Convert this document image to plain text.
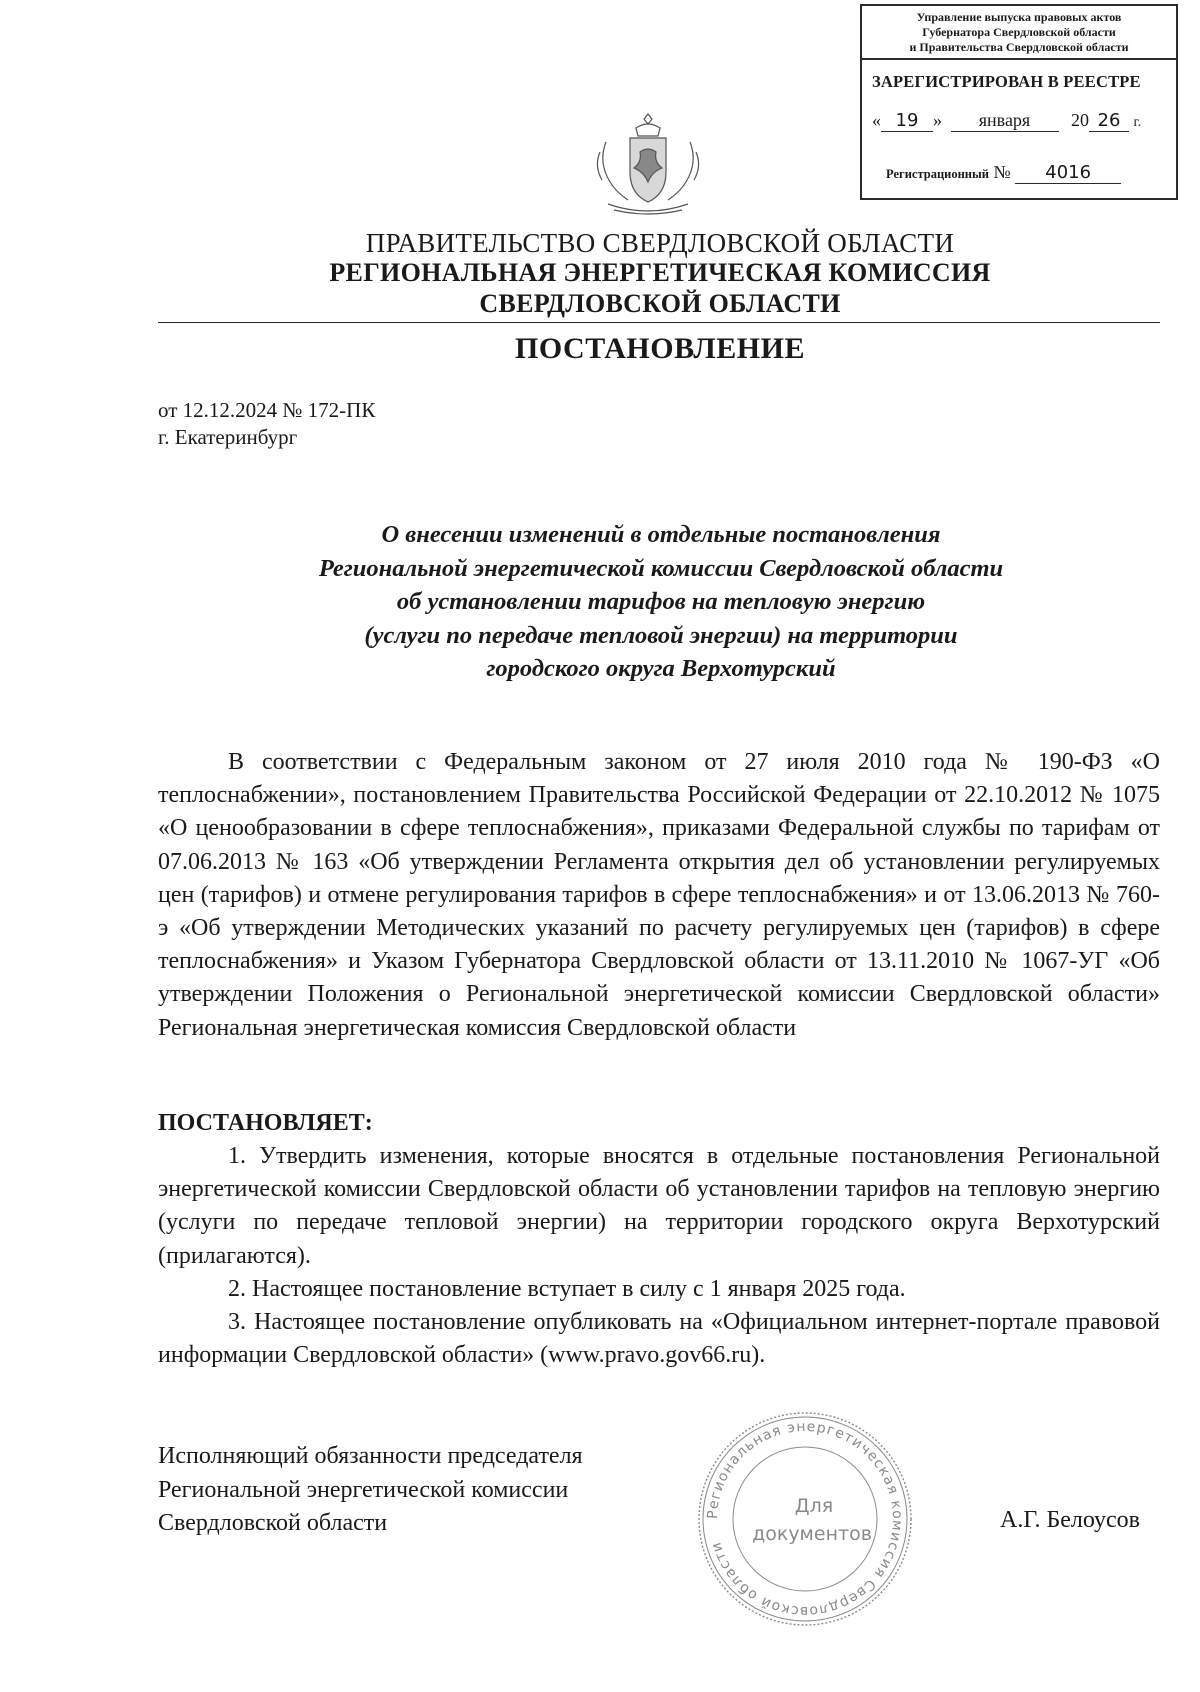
Управление выпуска правовых актов
Губернатора Свердловской области
и Правительства Свердловской области
ЗАРЕГИСТРИРОВАН В РЕЕСТРЕ
« 19 » января 20 26 г.
Регистрационный № 4016
ПРАВИТЕЛЬСТВО СВЕРДЛОВСКОЙ ОБЛАСТИ
РЕГИОНАЛЬНАЯ ЭНЕРГЕТИЧЕСКАЯ КОМИССИЯ
СВЕРДЛОВСКОЙ ОБЛАСТИ
ПОСТАНОВЛЕНИЕ
от 12.12.2024 № 172-ПК
г. Екатеринбург
О внесении изменений в отдельные постановления
Региональной энергетической комиссии Свердловской области
об установлении тарифов на тепловую энергию
(услуги по передаче тепловой энергии) на территории
городского округа Верхотурский
В соответствии с Федеральным законом от 27 июля 2010 года № 190-ФЗ «О теплоснабжении», постановлением Правительства Российской Федерации от 22.10.2012 № 1075 «О ценообразовании в сфере теплоснабжения», приказами Федеральной службы по тарифам от 07.06.2013 № 163 «Об утверждении Регламента открытия дел об установлении регулируемых цен (тарифов) и отмене регулирования тарифов в сфере теплоснабжения» и от 13.06.2013 № 760-э «Об утверждении Методических указаний по расчету регулируемых цен (тарифов) в сфере теплоснабжения» и Указом Губернатора Свердловской области от 13.11.2010 № 1067-УГ «Об утверждении Положения о Региональной энергетической комиссии Свердловской области» Региональная энергетическая комиссия Свердловской области
ПОСТАНОВЛЯЕТ:
1. Утвердить изменения, которые вносятся в отдельные постановления Региональной энергетической комиссии Свердловской области об установлении тарифов на тепловую энергию (услуги по передаче тепловой энергии) на территории городского округа Верхотурский (прилагаются).
2. Настоящее постановление вступает в силу с 1 января 2025 года.
3. Настоящее постановление опубликовать на «Официальном интернет-портале правовой информации Свердловской области» (www.pravo.gov66.ru).
Исполняющий обязанности председателя
Региональной энергетической комиссии
Свердловской области	А.Г. Белоусов
Региональная энергетическая комиссия Свердловской области
Для
документов
